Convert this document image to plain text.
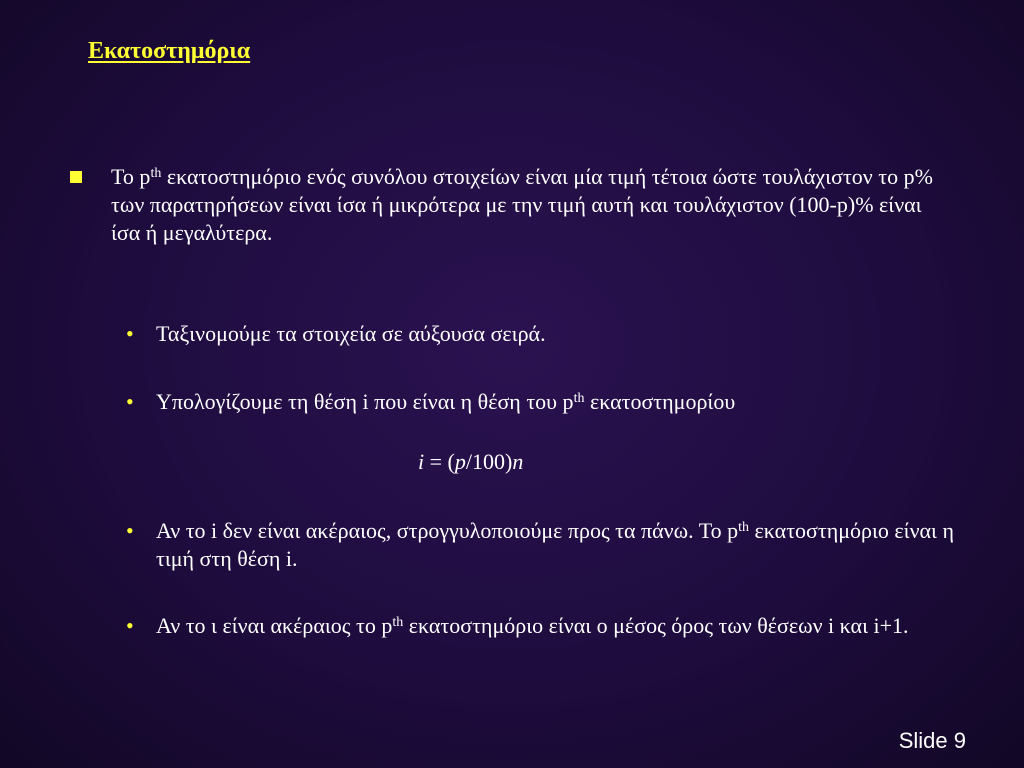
Εκατοστημόρια
Το $p^{th}$ εκατοστημόριο ενός συνόλου στοιχείων είναι μία τιμή τέτοια ώστε τουλάχιστον το p% των παρατηρήσεων είναι ίσα ή μικρότερα με την τιμή αυτή και τουλάχιστον (100-p)% είναι ίσα ή μεγαλύτερα.
• Ταξινομούμε τα στοιχεία σε αύξουσα σειρά.
• Υπολογίζουμε τη θέση i που είναι η θέση του $p^{th}$ εκατοστημορίου
i = (p/100)n
• Αν το i δεν είναι ακέραιος, στρογγυλοποιούμε προς τα πάνω. Το $p^{th}$ εκατοστημόριο είναι η τιμή στη θέση i.
• Αν το ι είναι ακέραιος το $p^{th}$ εκατοστημόριο είναι ο μέσος όρος των θέσεων i και i+1.
Slide 9
